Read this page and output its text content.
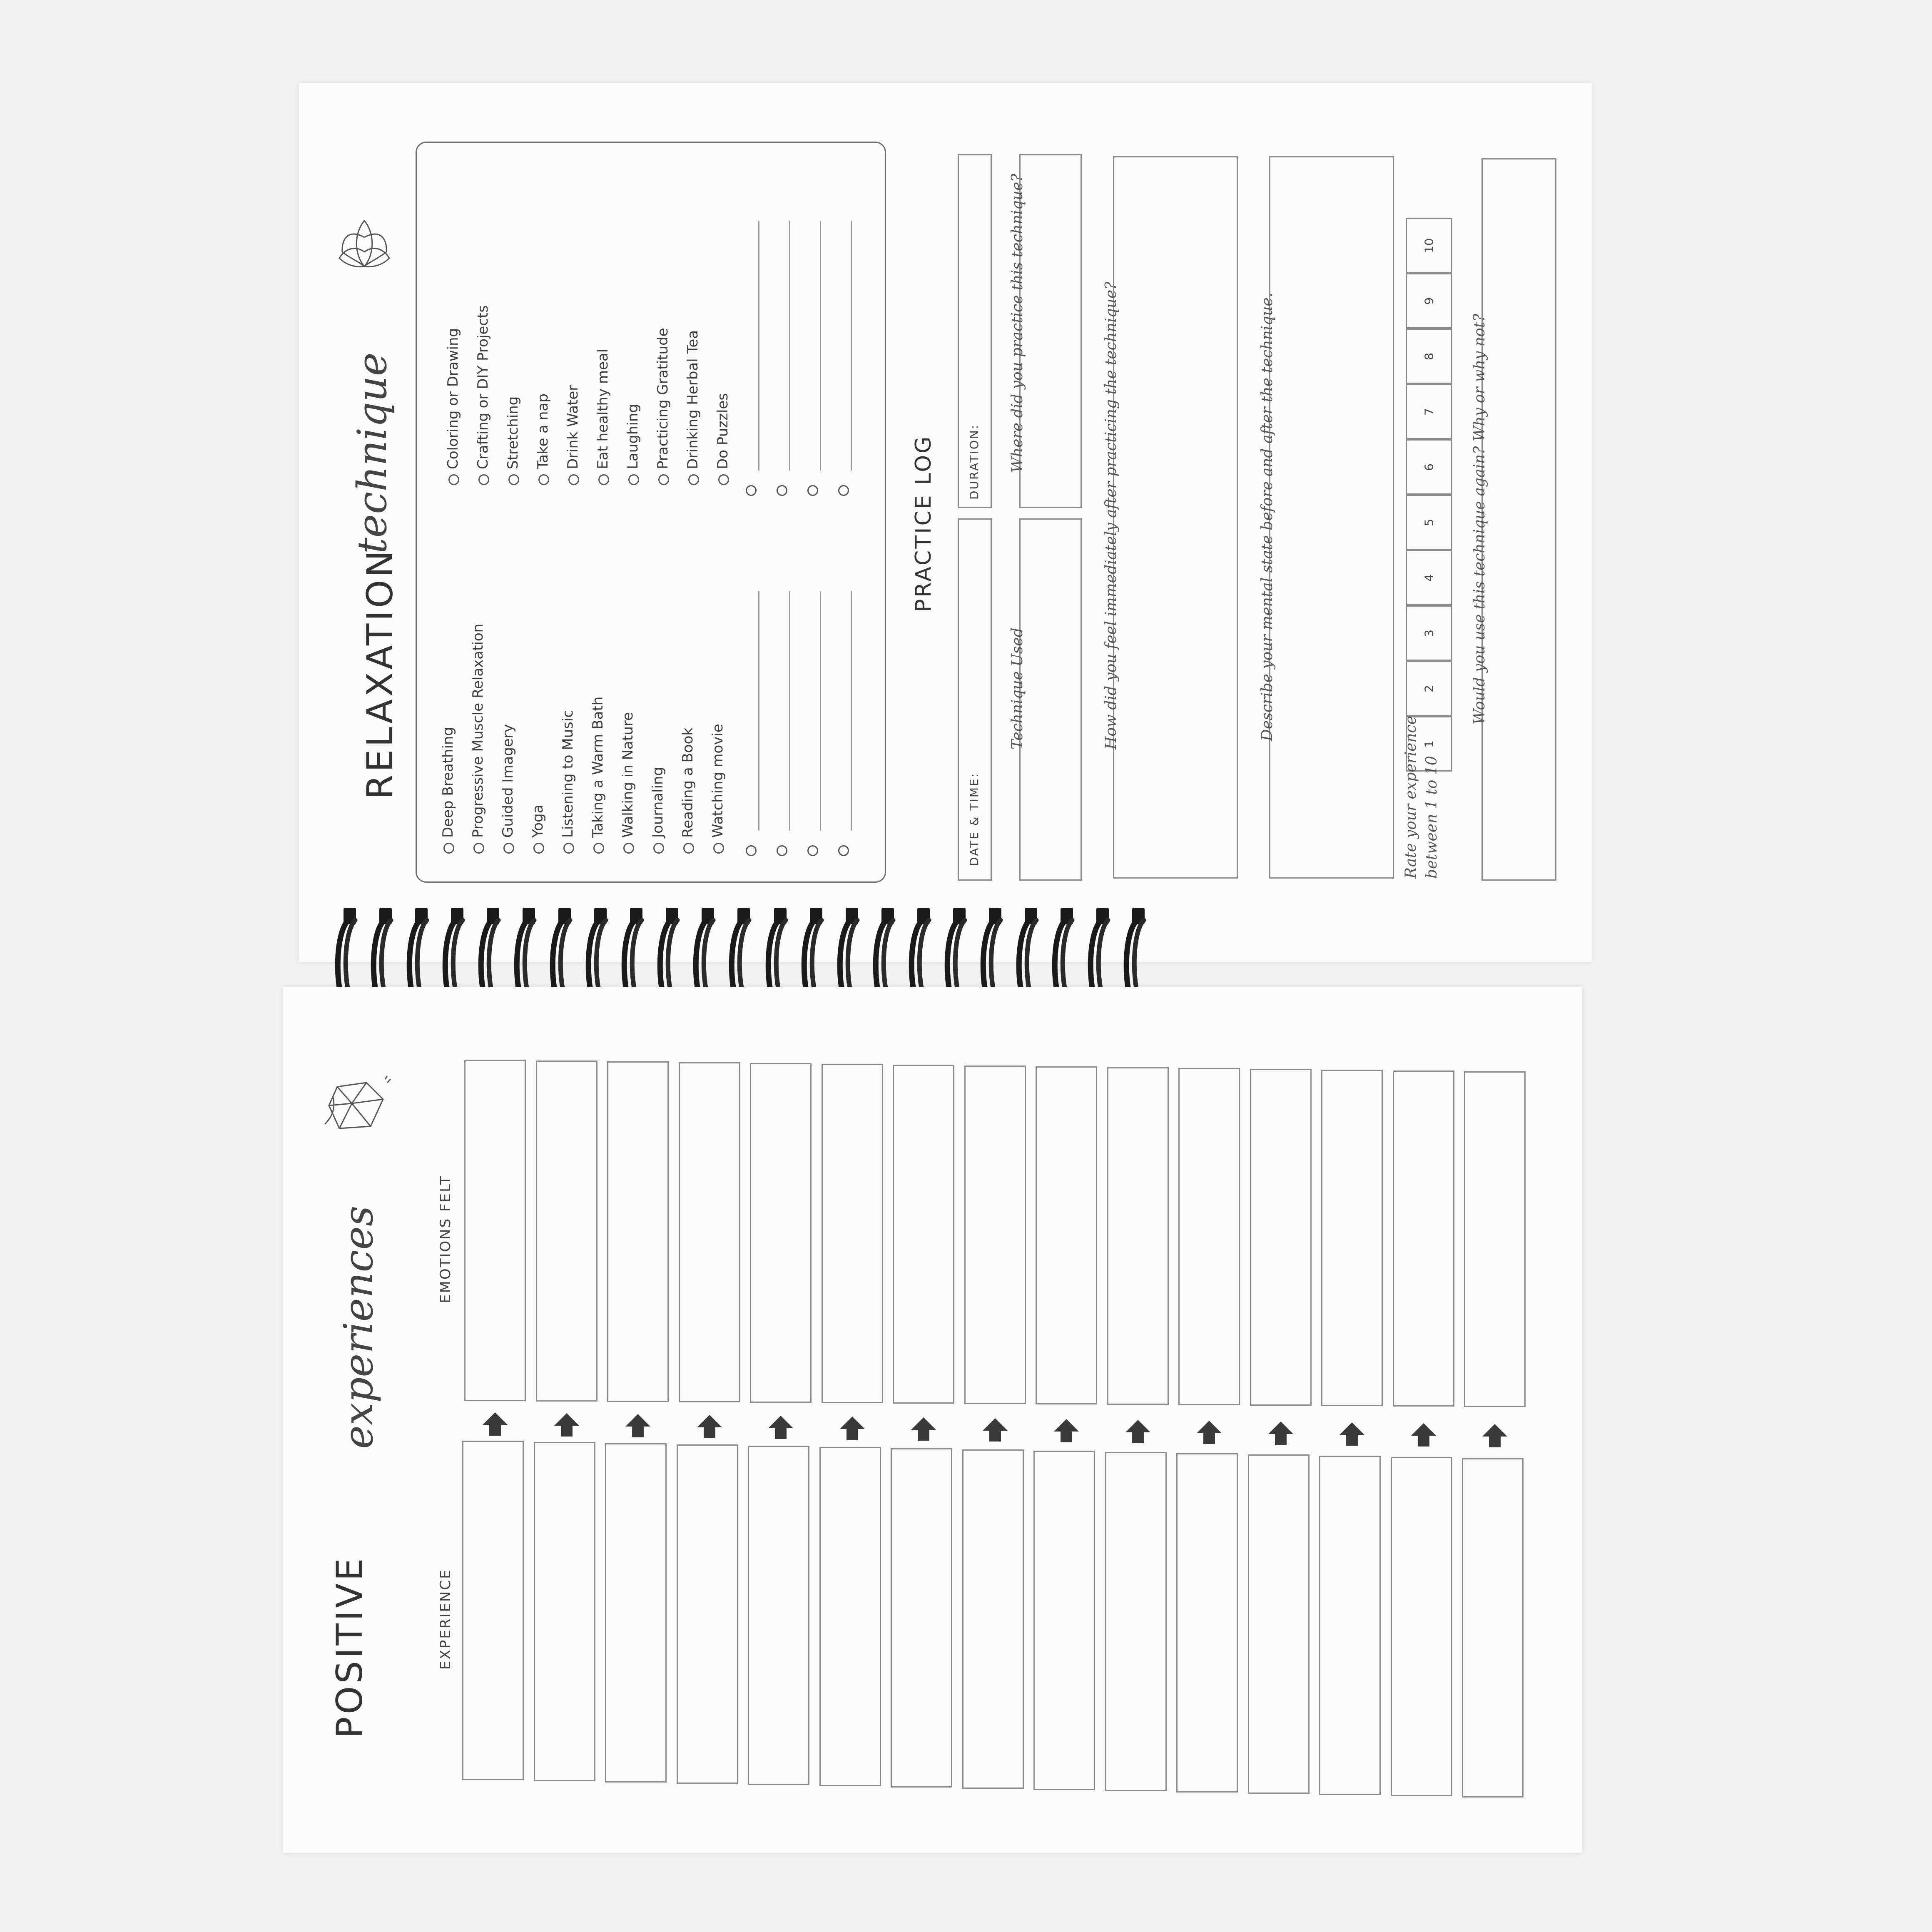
RELAXATION
technique
Deep Breathing Progressive Muscle Relaxation Guided Imagery Yoga Listening to Music Taking a Warm Bath Walking in Nature Journaling Reading a Book Watching movie
Coloring or Drawing Crafting or DIY Projects Stretching Take a nap Drink Water Eat healthy meal Laughing Practicing Gratitude Drinking Herbal Tea Do Puzzles
PRACTICE LOG
DATE & TIME:
DURATION:
Technique Used
Where did you practice this technique?	How did you feel immediately after practicing the technique?	Describe your mental state before and after the technique.
1
2
3
4
5
6
7
8
9
10
Rate your experience between 1 to 10
Would you use this technique again? Why or why not?
POSITIVE
experiences
EXPERIENCE
EMOTIONS FELT
